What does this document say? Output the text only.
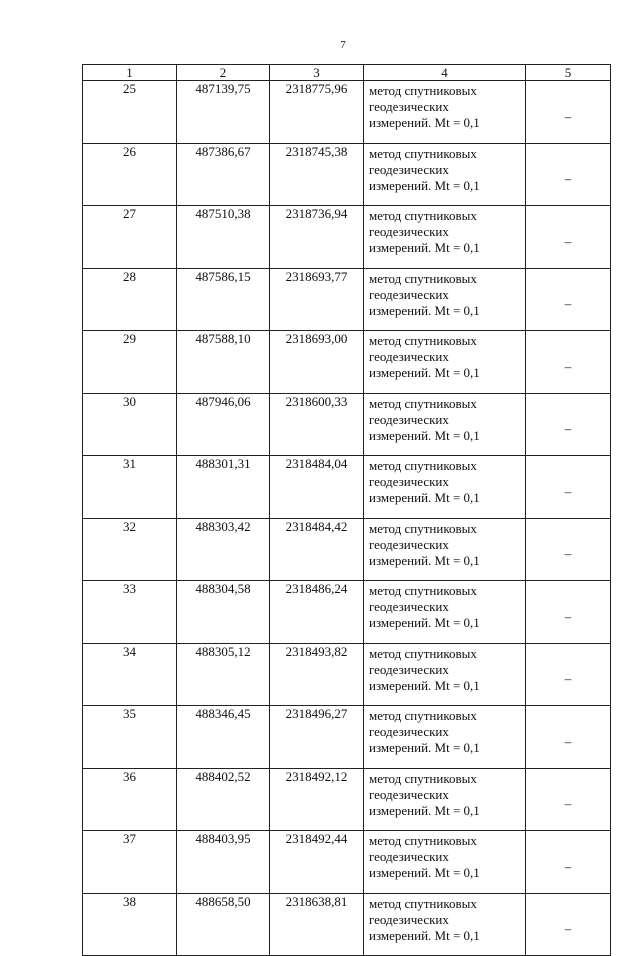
7
1	2	3	4	5
25	487139,75	2318775,96	метод спутниковых
геодезических
измерений. Mt = 0,1	–
26	487386,67	2318745,38	метод спутниковых
геодезических
измерений. Mt = 0,1	–
27	487510,38	2318736,94	метод спутниковых
геодезических
измерений. Mt = 0,1	–
28	487586,15	2318693,77	метод спутниковых
геодезических
измерений. Mt = 0,1	–
29	487588,10	2318693,00	метод спутниковых
геодезических
измерений. Mt = 0,1	–
30	487946,06	2318600,33	метод спутниковых
геодезических
измерений. Mt = 0,1	–
31	488301,31	2318484,04	метод спутниковых
геодезических
измерений. Mt = 0,1	–
32	488303,42	2318484,42	метод спутниковых
геодезических
измерений. Mt = 0,1	–
33	488304,58	2318486,24	метод спутниковых
геодезических
измерений. Mt = 0,1	–
34	488305,12	2318493,82	метод спутниковых
геодезических
измерений. Mt = 0,1	–
35	488346,45	2318496,27	метод спутниковых
геодезических
измерений. Mt = 0,1	–
36	488402,52	2318492,12	метод спутниковых
геодезических
измерений. Mt = 0,1	–
37	488403,95	2318492,44	метод спутниковых
геодезических
измерений. Mt = 0,1	–
38	488658,50	2318638,81	метод спутниковых
геодезических
измерений. Mt = 0,1	–
